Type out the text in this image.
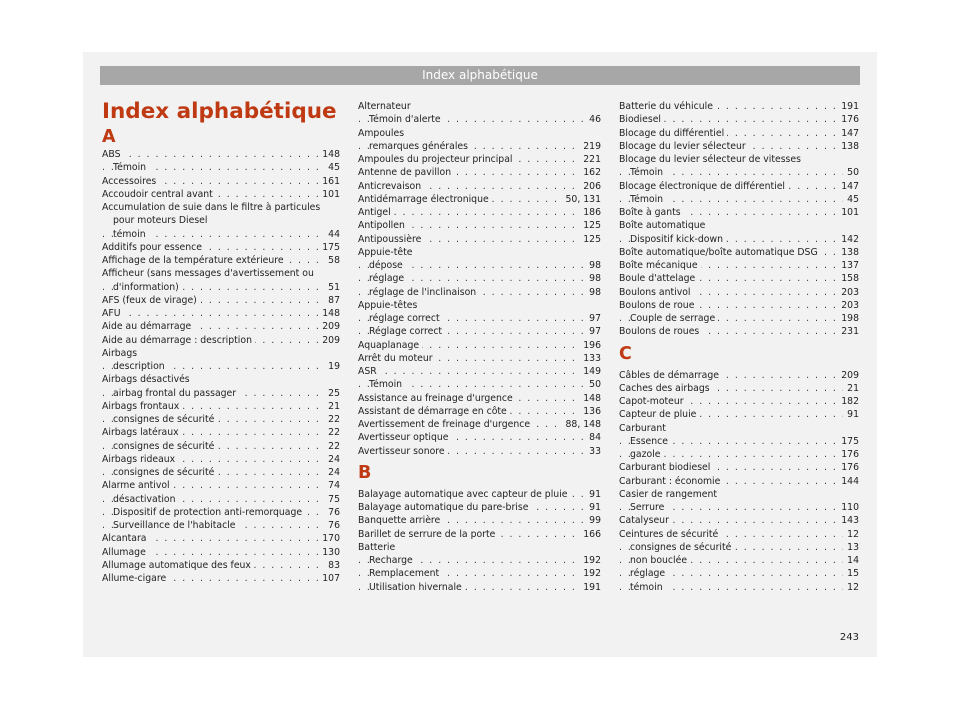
Index alphabétique
Index alphabétique
A
. . .
ABS	148
. . .
Témoin	45
. . .
Accessoires	161
. . .
Accoudoir central avant	101
Accumulation de suie dans le filtre à particules
pour moteurs Diesel
. . .
témoin	44
. . .
Additifs pour essence	175
. . .
Affichage de la température extérieure	58
Afficheur (sans messages d'avertissement ou
. . .
d'information)	51
. . .
AFS (feux de virage)	87
. . .
AFU	148
. . .
Aide au démarrage	209
. . .
Aide au démarrage : description	209
Airbags
. . .
description	19
Airbags désactivés
. . .
airbag frontal du passager	25
. . .
Airbags frontaux	21
. . .
consignes de sécurité	22
. . .
Airbags latéraux	22
. . .
consignes de sécurité	22
. . .
Airbags rideaux	24
. . .
consignes de sécurité	24
. . .
Alarme antivol	74
. . .
désactivation	75
. . .
Dispositif de protection anti-remorquage	76
. . .
Surveillance de l'habitacle	76
. . .
Alcantara	170
. . .
Allumage	130
. . .
Allumage automatique des feux	83
. . .
Allume-cigare	107
Alternateur
. . .
Témoin d'alerte	46
Ampoules
. . .
remarques générales	219
. . .
Ampoules du projecteur principal	221
. . .
Antenne de pavillon	162
. . .
Anticrevaison	206
. . .
Antidémarrage électronique	50, 131
. . .
Antigel	186
. . .
Antipollen	125
. . .
Antipoussière	125
Appuie-tête
. . .
dépose	98
. . .
réglage	98
. . .
réglage de l'inclinaison	98
Appuie-têtes
. . .
réglage correct	97
. . .
Réglage correct	97
. . .
Aquaplanage	196
. . .
Arrêt du moteur	133
. . .
ASR	149
. . .
Témoin	50
. . .
Assistance au freinage d'urgence	148
. . .
Assistant de démarrage en côte	136
. . .
Avertissement de freinage d'urgence	88, 148
. . .
Avertisseur optique	84
. . .
Avertisseur sonore	33
B
. . .
Balayage automatique avec capteur de pluie	91
. . .
Balayage automatique du pare-brise	91
. . .
Banquette arrière	99
. . .
Barillet de serrure de la porte	166
Batterie
. . .
Recharge	192
. . .
Remplacement	192
. . .
Utilisation hivernale	191
. . .
Batterie du véhicule	191
. . .
Biodiesel	176
. . .
Blocage du différentiel	147
. . .
Blocage du levier sélecteur	138
Blocage du levier sélecteur de vitesses
. . .
Témoin	50
. . .
Blocage électronique de différentiel	147
. . .
Témoin	45
. . .
Boîte à gants	101
Boîte automatique
. . .
Dispositif kick-down	142
. . .
Boîte automatique/boîte automatique DSG	138
. . .
Boîte mécanique	137
. . .
Boule d'attelage	158
. . .
Boulons antivol	203
. . .
Boulons de roue	203
. . .
Couple de serrage	198
. . .
Boulons de roues	231
C
. . .
Câbles de démarrage	209
. . .
Caches des airbags	21
. . .
Capot-moteur	182
. . .
Capteur de pluie	91
Carburant
. . .
Essence	175
. . .
gazole	176
. . .
Carburant biodiesel	176
. . .
Carburant : économie	144
Casier de rangement
. . .
Serrure	110
. . .
Catalyseur	143
. . .
Ceintures de sécurité	12
. . .
consignes de sécurité	13
. . .
non bouclée	14
. . .
réglage	15
. . .
témoin	12
243
